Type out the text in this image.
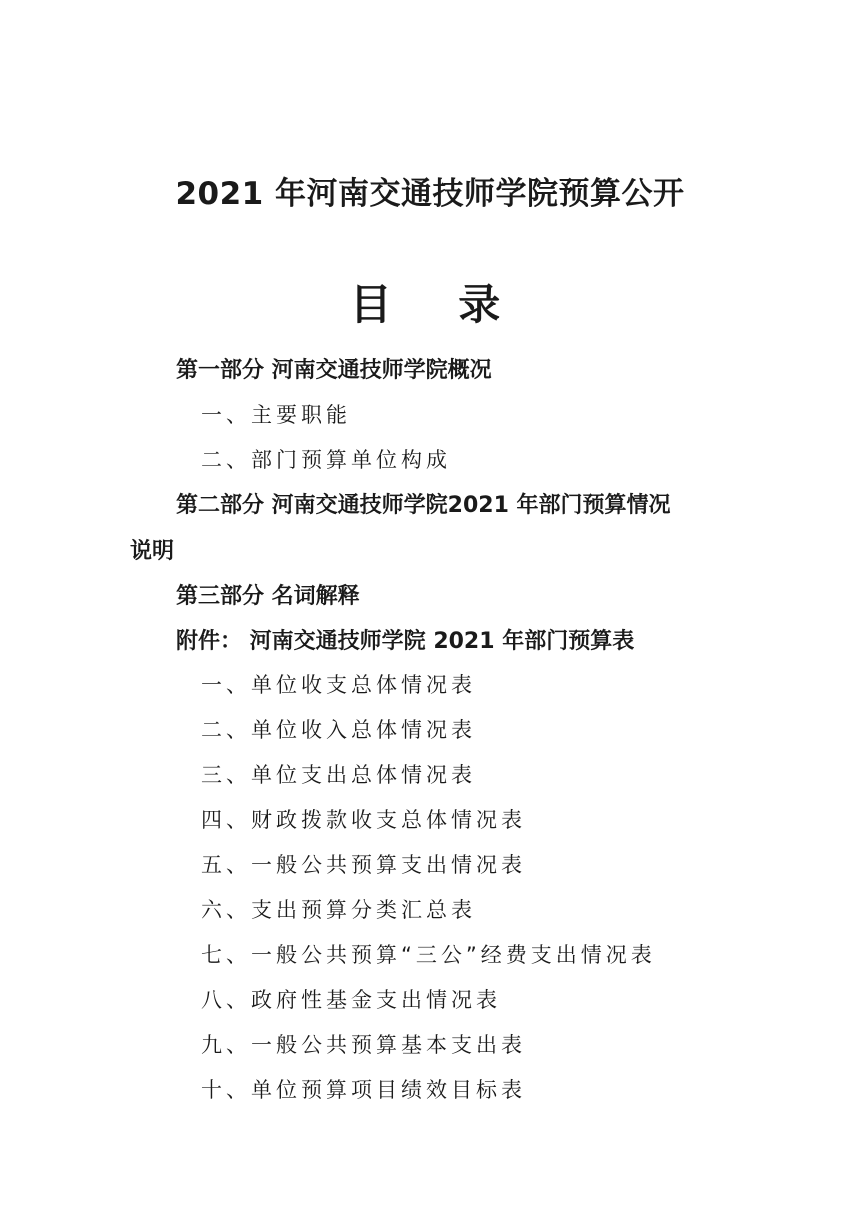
2021 年河南交通技师学院预算公开
目 录
第一部分 河南交通技师学院概况
一、主要职能
二、部门预算单位构成
第二部分 河南交通技师学院2021 年部门预算情况
说明
第三部分 名词解释
附件： 河南交通技师学院 2021 年部门预算表
一、单位收支总体情况表
二、单位收入总体情况表
三、单位支出总体情况表
四、财政拨款收支总体情况表
五、一般公共预算支出情况表
六、支出预算分类汇总表
七、一般公共预算“三公”经费支出情况表
八、政府性基金支出情况表
九、一般公共预算基本支出表
十、单位预算项目绩效目标表
